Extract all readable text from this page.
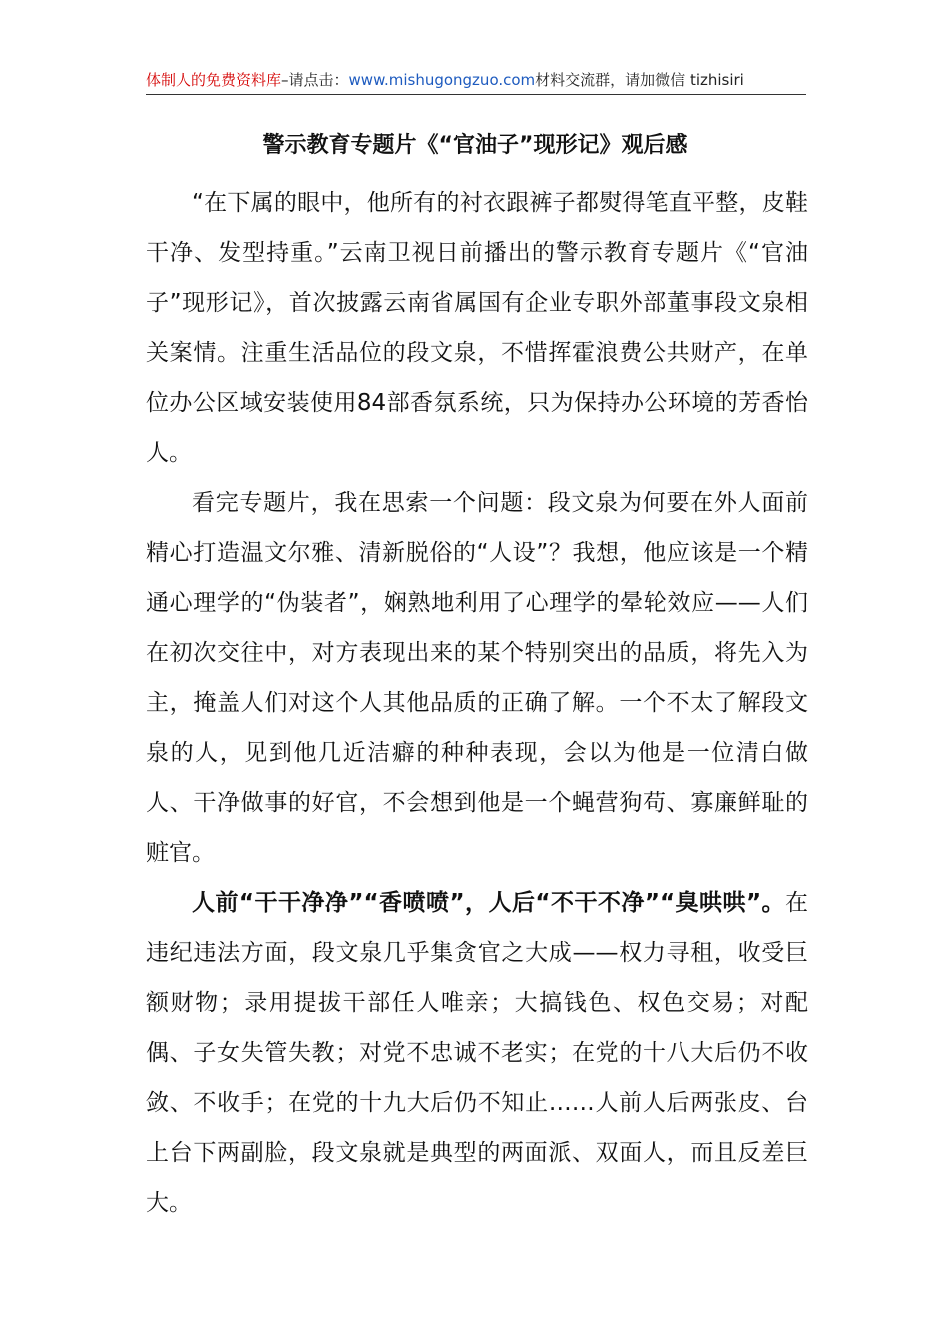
体制人的免费资料库–请点击：www.mishugongzuo.com材料交流群，请加微信 tizhisiri
警示教育专题片《“官油子”现形记》观后感

“在下属的眼中，他所有的衬衣跟裤子都熨得笔直平整，皮鞋干净、发型持重。”云南卫视日前播出的警示教育专题片《“官油子”现形记》，首次披露云南省属国有企业专职外部董事段文泉相关案情。注重生活品位的段文泉，不惜挥霍浪费公共财产，在单位办公区域安装使用84部香氛系统，只为保持办公环境的芳香怡人。

看完专题片，我在思索一个问题：段文泉为何要在外人面前精心打造温文尔雅、清新脱俗的“人设”？我想，他应该是一个精通心理学的“伪装者”，娴熟地利用了心理学的晕轮效应——人们在初次交往中，对方表现出来的某个特别突出的品质，将先入为主，掩盖人们对这个人其他品质的正确了解。一个不太了解段文泉的人，见到他几近洁癖的种种表现，会以为他是一位清白做人、干净做事的好官，不会想到他是一个蝇营狗苟、寡廉鲜耻的赃官。

人前“干干净净”“香喷喷”，人后“不干不净”“臭哄哄”。在违纪违法方面，段文泉几乎集贪官之大成——权力寻租，收受巨额财物；录用提拔干部任人唯亲；大搞钱色、权色交易；对配偶、子女失管失教；对党不忠诚不老实；在党的十八大后仍不收敛、不收手；在党的十九大后仍不知止……人前人后两张皮、台上台下两副脸，段文泉就是典型的两面派、双面人，而且反差巨大。
